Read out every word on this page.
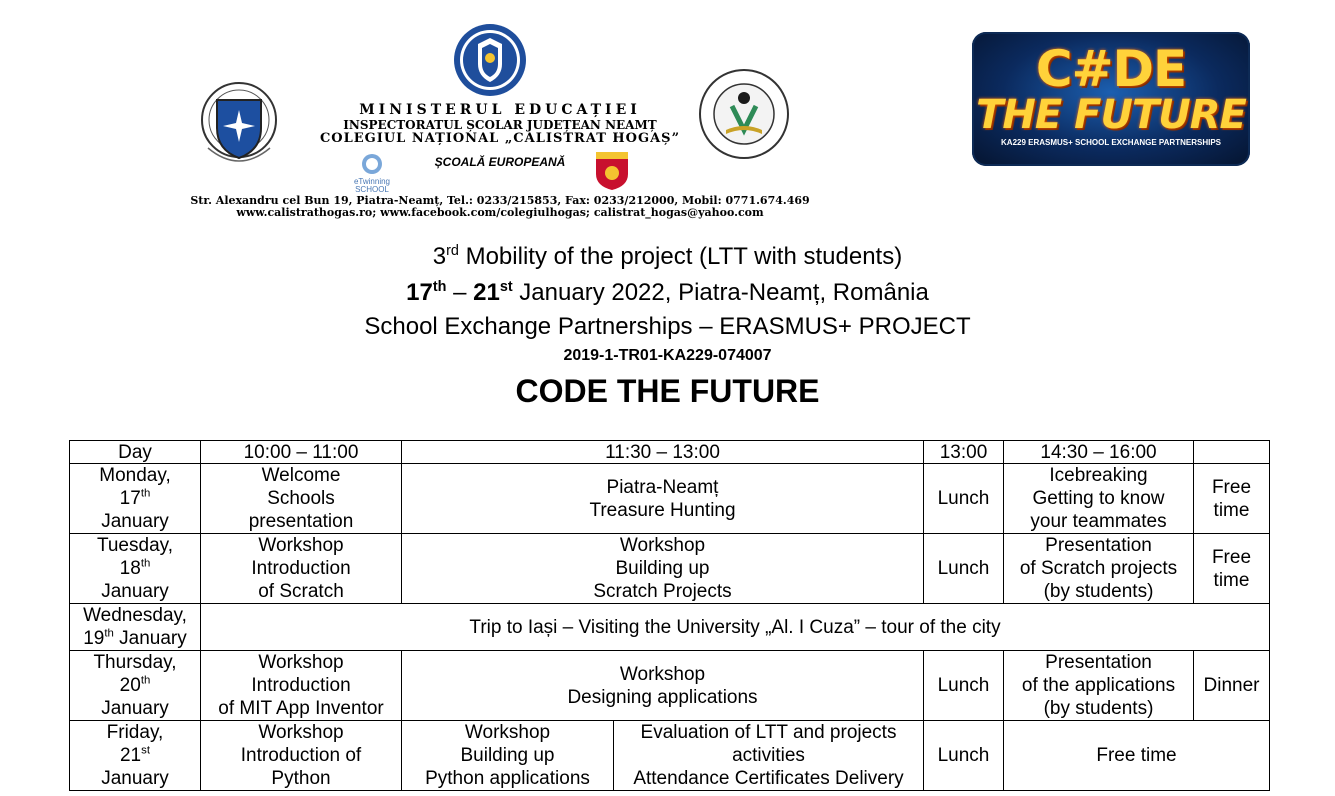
MINISTERUL EDUCAȚIEI
INSPECTORATUL ȘCOLAR JUDEȚEAN NEAMȚ
COLEGIUL NAȚIONAL „CALISTRAT HOGAȘ”
eTwinning
SCHOOL
ȘCOALĂ EUROPEANĂ
Str. Alexandru cel Bun 19, Piatra-Neamț, Tel.: 0233/215853, Fax: 0233/212000, Mobil: 0771.674.469
www.calistrathogas.ro; www.facebook.com/colegiulhogas; calistrat_hogas@yahoo.com
C#DE
THE FUTURE
KA229 ERASMUS+ SCHOOL EXCHANGE PARTNERSHIPS
3rd Mobility of the project (LTT with students)
17th – 21st January 2022, Piatra-Neamț, România
School Exchange Partnerships – ERASMUS+ PROJECT
2019-1-TR01-KA229-074007
CODE THE FUTURE
Day	10:00 – 11:00	11:30 – 13:00		13:00	14:30 – 16:00	

Monday,
17th
January	Welcome
Schools
presentation	Piatra-Neamț
Treasure Hunting		Lunch	Icebreaking
Getting to know
your teammates	Free
time

Tuesday,
18th
January	Workshop
Introduction
of Scratch	Workshop
Building up
Scratch Projects		Lunch	Presentation
of Scratch projects
(by students)	Free
time

Wednesday,
19th January	Trip to Iași – Visiting the University „Al. I Cuza” – tour of the city					

Thursday,
20th
January	Workshop
Introduction
of MIT App Inventor	Workshop
Designing applications		Lunch	Presentation
of the applications
(by students)	Dinner

Friday,
21st
January	Workshop
Introduction of
Python	Workshop
Building up
Python applications	Evaluation of LTT and projects
activities
Attendance Certificates Delivery	Lunch	Free time	
